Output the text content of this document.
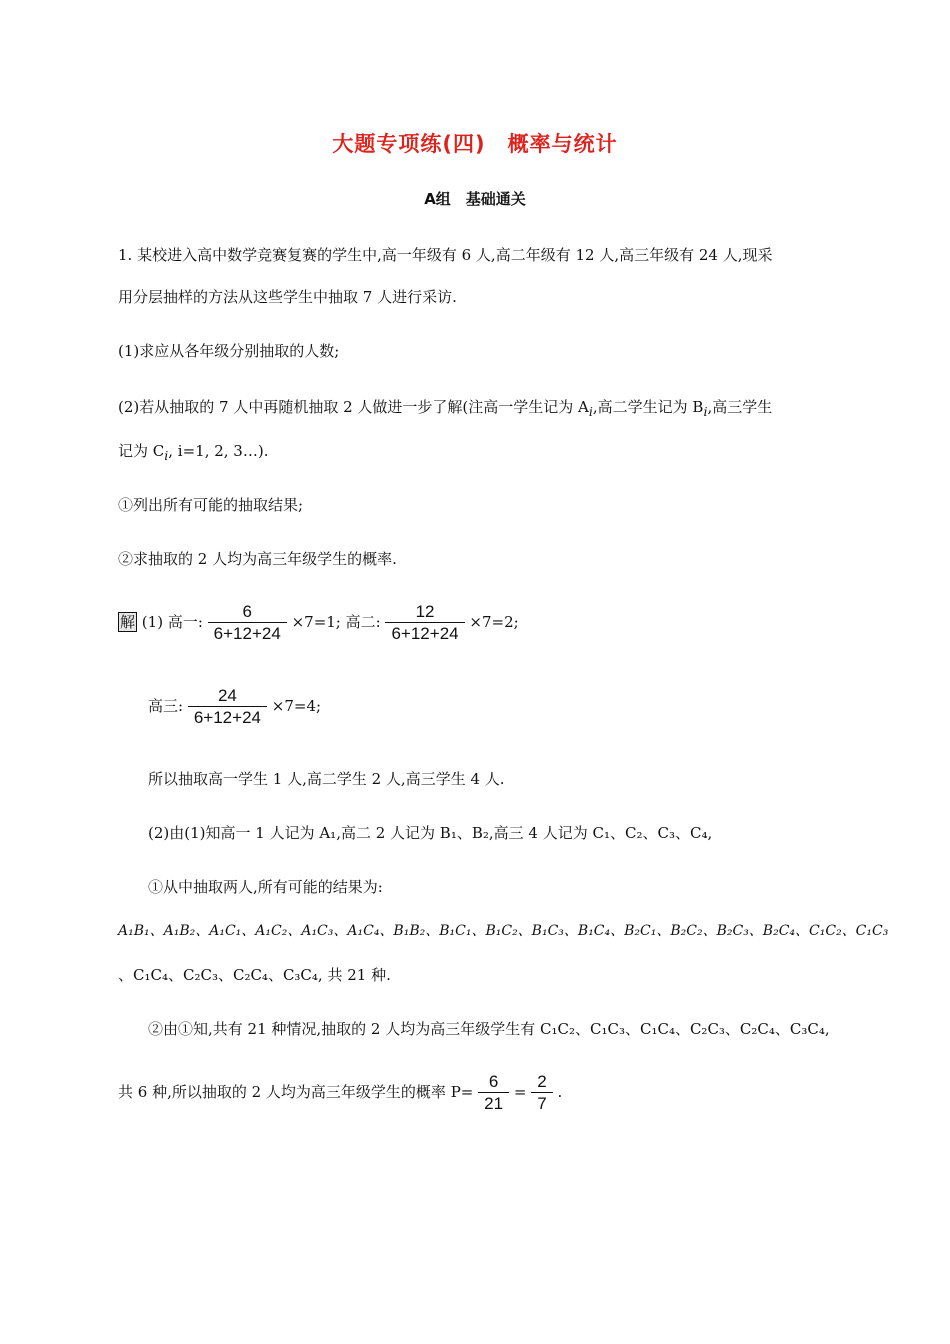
大题专项练(四)　概率与统计
A组　基础通关
1. 某校进入高中数学竞赛复赛的学生中,高一年级有 6 人,高二年级有 12 人,高三年级有 24 人,现采
用分层抽样的方法从这些学生中抽取 7 人进行采访.
(1)求应从各年级分别抽取的人数;
(2)若从抽取的 7 人中再随机抽取 2 人做进一步了解(注高一学生记为 $A_i$,高二学生记为 $B_i$,高三学生
记为 $C_i$, i=1, 2, 3…).
①列出所有可能的抽取结果;
②求抽取的 2 人均为高三年级学生的概率.
解 (1) 高一: $\frac{6}{6+12+24} \times 7=1$; 高二: $\frac{12}{6+12+24} \times 7=2$;
高三: $\frac{24}{6+12+24} \times 7=4$;
所以抽取高一学生 1 人,高二学生 2 人,高三学生 4 人.
(2)由(1)知高一 1 人记为 A₁,高二 2 人记为 B₁、B₂,高三 4 人记为 C₁、C₂、C₃、C₄,
①从中抽取两人,所有可能的结果为:
A₁B₁、A₁B₂、A₁C₁、A₁C₂、A₁C₃、A₁C₄、B₁B₂、B₁C₁、B₁C₂、B₁C₃、B₁C₄、B₂C₁、B₂C₂、B₂C₃、B₂C₄、C₁C₂、C₁C₃
、C₁C₄、C₂C₃、C₂C₄、C₃C₄, 共 21 种.
②由①知,共有 21 种情况,抽取的 2 人均为高三年级学生有 C₁C₂、C₁C₃、C₁C₄、C₂C₃、C₂C₄、C₃C₄,
共 6 种,所以抽取的 2 人均为高三年级学生的概率 $P= \frac{6}{21} = \frac{2}{7}$ .
